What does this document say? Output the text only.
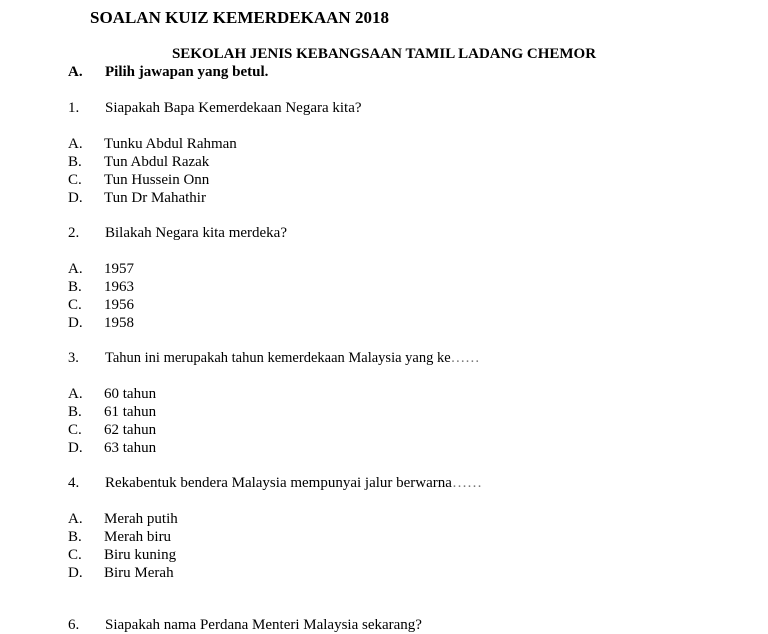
SOALAN KUIZ KEMERDEKAAN 2018
SEKOLAH JENIS KEBANGSAAN TAMIL LADANG CHEMOR
A. Pilih jawapan yang betul.
1. Siapakah Bapa Kemerdekaan Negara kita?
A. Tunku Abdul Rahman
B. Tun Abdul Razak
C. Tun Hussein Onn
D. Tun Dr Mahathir
2. Bilakah Negara kita merdeka?
A. 1957
B. 1963
C. 1956
D. 1958
3. Tahun ini merupakah tahun kemerdekaan Malaysia yang ke……
A. 60 tahun
B. 61 tahun
C. 62 tahun
D. 63 tahun
4. Rekabentuk bendera Malaysia mempunyai jalur berwarna……
A. Merah putih
B. Merah biru
C. Biru kuning
D. Biru Merah
6. Siapakah nama Perdana Menteri Malaysia sekarang?
